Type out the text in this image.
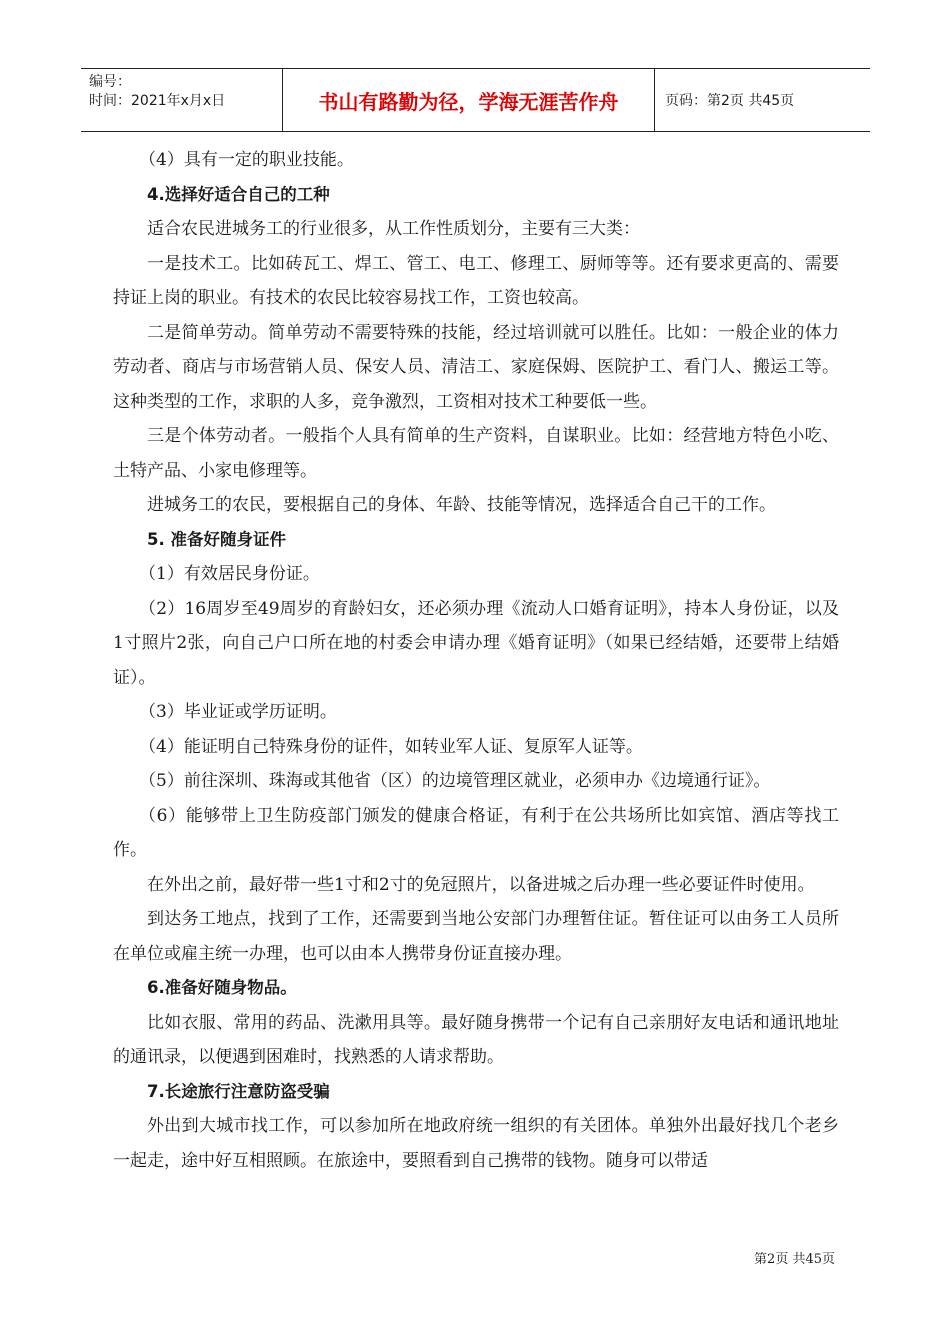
编号：
时间：2021年x月x日	书山有路勤为径，学海无涯苦作舟	页码：第2页 共45页

（4）具有一定的职业技能。

4.选择好适合自己的工种

适合农民进城务工的行业很多，从工作性质划分，主要有三大类：

一是技术工。比如砖瓦工、焊工、管工、电工、修理工、厨师等等。还有要求更高的、需要持证上岗的职业。有技术的农民比较容易找工作，工资也较高。

二是简单劳动。简单劳动不需要特殊的技能，经过培训就可以胜任。比如：一般企业的体力劳动者、商店与市场营销人员、保安人员、清洁工、家庭保姆、医院护工、看门人、搬运工等。这种类型的工作，求职的人多，竞争激烈，工资相对技术工种要低一些。

三是个体劳动者。一般指个人具有简单的生产资料，自谋职业。比如：经营地方特色小吃、土特产品、小家电修理等。

进城务工的农民，要根据自己的身体、年龄、技能等情况，选择适合自己干的工作。

5. 准备好随身证件

（1）有效居民身份证。

（2）16周岁至49周岁的育龄妇女，还必须办理《流动人口婚育证明》，持本人身份证，以及1寸照片2张，向自己户口所在地的村委会申请办理《婚育证明》（如果已经结婚，还要带上结婚证）。

（3）毕业证或学历证明。

（4）能证明自己特殊身份的证件，如转业军人证、复原军人证等。

（5）前往深圳、珠海或其他省（区）的边境管理区就业，必须申办《边境通行证》。

（6）能够带上卫生防疫部门颁发的健康合格证，有利于在公共场所比如宾馆、酒店等找工作。

在外出之前，最好带一些1寸和2寸的免冠照片，以备进城之后办理一些必要证件时使用。

到达务工地点，找到了工作，还需要到当地公安部门办理暂住证。暂住证可以由务工人员所在单位或雇主统一办理，也可以由本人携带身份证直接办理。

6.准备好随身物品。

比如衣服、常用的药品、洗漱用具等。最好随身携带一个记有自己亲朋好友电话和通讯地址的通讯录，以便遇到困难时，找熟悉的人请求帮助。

7.长途旅行注意防盗受骗

外出到大城市找工作，可以参加所在地政府统一组织的有关团体。单独外出最好找几个老乡一起走，途中好互相照顾。在旅途中，要照看到自己携带的钱物。随身可以带适

第2页 共45页
